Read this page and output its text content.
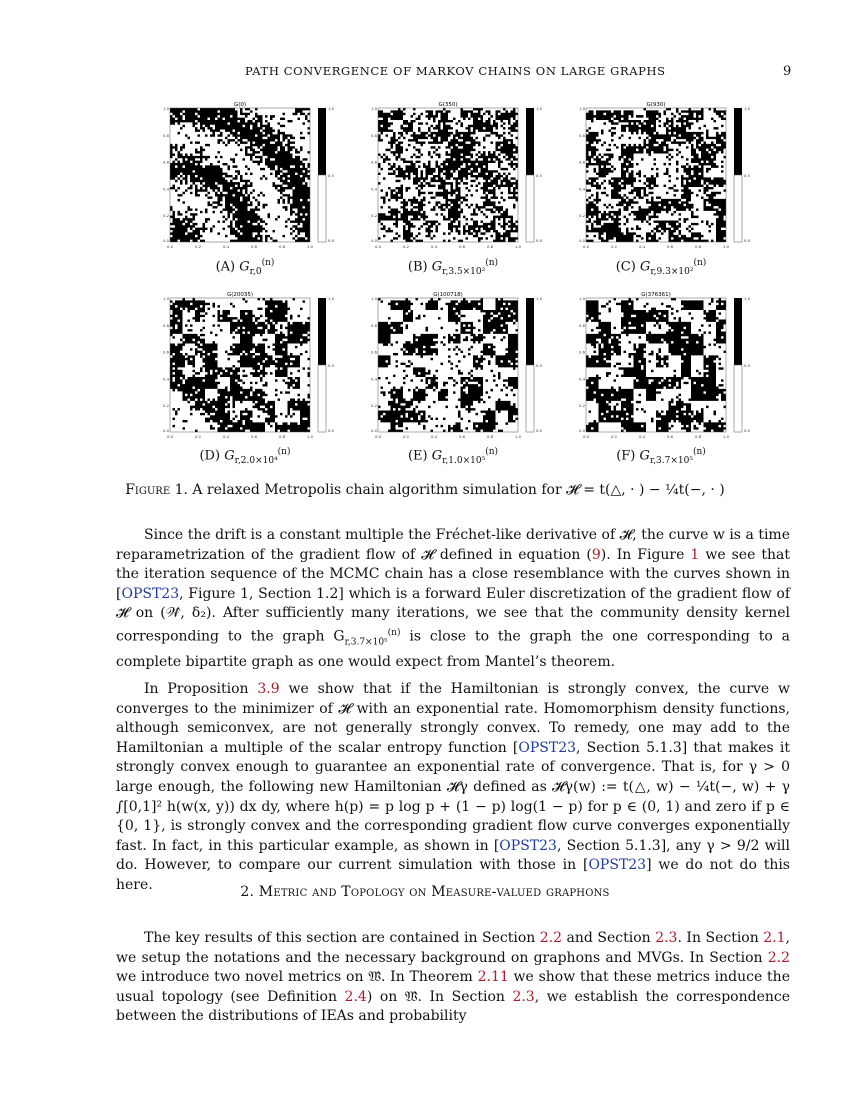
PATH CONVERGENCE OF MARKOV CHAINS ON LARGE GRAPHS	9
G(0)
1.0
0.8
0.6
0.4
0.2
0.0
0.0	0.2	0.4	0.6	0.8	1.0
1.0
0.5
0.0
(A) $G_{r,0}^{(n)}$
G(350)
1.0
0.8
0.6
0.4
0.2
0.0
0.0	0.2	0.4	0.6	0.8	1.0
1.0
0.5
0.0
(B) $G_{r,3.5\times 10^2}^{(n)}$
G(930)
1.0
0.8
0.6
0.4
0.2
0.0
0.0	0.2	0.4	0.6	0.8	1.0
1.0
0.5
0.0
(C) $G_{r,9.3\times 10^2}^{(n)}$
G(20035)
1.0
0.8
0.6
0.4
0.2
0.0
0.0	0.2	0.4	0.6	0.8	1.0
1.0
0.5
0.0
(D) $G_{r,2.0\times 10^4}^{(n)}$
G(100718)
1.0
0.8
0.6
0.4
0.2
0.0
0.0	0.2	0.4	0.6	0.8	1.0
1.0
0.5
0.0
(E) $G_{r,1.0\times 10^5}^{(n)}$
G(376361)
1.0
0.8
0.6
0.4
0.2
0.0
0.0	0.2	0.4	0.6	0.8	1.0
1.0
0.5
0.0
(F) $G_{r,3.7\times 10^5}^{(n)}$
Figure 1. A relaxed Metropolis chain algorithm simulation for 𝓗 = t(△, · ) − ¼t(−, · )

  Since the drift is a constant multiple the Fréchet-like derivative of 𝓗, the curve w is a time reparametrization of the gradient flow of 𝓗 defined in equation (9). In Figure 1 we see that the iteration sequence of the MCMC chain has a close resemblance with the curves shown in [OPST23, Figure 1, Section 1.2] which is a forward Euler discretization of the gradient flow of 𝓗 on (𝒲̂, δ₂). After sufficiently many iterations, we see that the community density kernel corresponding to the graph $G_{r,3.7\times 10^5}^{(n)}$ is close to the graph the one corresponding to a complete bipartite graph as one would expect from Mantel’s theorem.

  In Proposition 3.9 we show that if the Hamiltonian is strongly convex, the curve w converges to the minimizer of 𝓗 with an exponential rate. Homomorphism density functions, although semiconvex, are not generally strongly convex. To remedy, one may add to the Hamiltonian a multiple of the scalar entropy function [OPST23, Section 5.1.3] that makes it strongly convex enough to guarantee an exponential rate of convergence. That is, for γ > 0 large enough, the following new Hamiltonian 𝓗γ defined as 𝓗γ(w) := t(△, w) − ¼t(−, w) + γ ∫[0,1]² h(w(x, y)) dx dy, where h(p) = p log p + (1 − p) log(1 − p) for p ∈ (0, 1) and zero if p ∈ {0, 1}, is strongly convex and the corresponding gradient flow curve converges exponentially fast. In fact, in this particular example, as shown in [OPST23, Section 5.1.3], any γ > 9/2 will do. However, to compare our current simulation with those in [OPST23] we do not do this here.	2. Metric and Topology on Measure-valued graphons

  The key results of this section are contained in Section 2.2 and Section 2.3. In Section 2.1, we setup the notations and the necessary background on graphons and MVGs. In Section 2.2 we introduce two novel metrics on 𝔚̂. In Theorem 2.11 we show that these metrics induce the usual topology (see Definition 2.4) on 𝔚̂. In Section 2.3, we establish the correspondence between the distributions of IEAs and probability
